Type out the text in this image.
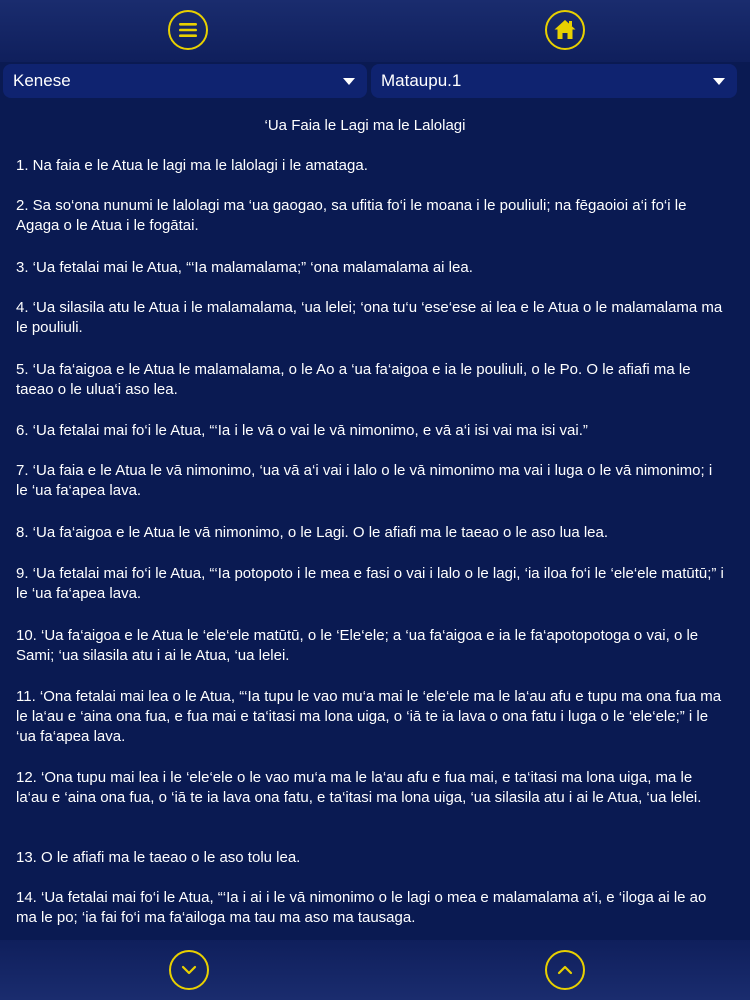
Kenese	Mataupu.1
‘Ua Faia le Lagi ma le Lalolagi

1. Na faia e le Atua le lagi ma le lalolagi i le amataga.

2. Sa so‘ona nunumi le lalolagi ma ‘ua gaogao, sa ufitia fo‘i le moana i le pouliuli; na fēgaoioi a‘i fo‘i le Agaga o le Atua i le fogātai.

3. ‘Ua fetalai mai le Atua, “‘Ia malamalama;” ‘ona malamalama ai lea.

4. ‘Ua silasila atu le Atua i le malamalama, ‘ua lelei; ‘ona tu‘u ‘ese‘ese ai lea e le Atua o le malamalama ma le pouliuli.

5. ‘Ua fa‘aigoa e le Atua le malamalama, o le Ao a ‘ua fa‘aigoa e ia le pouliuli, o le Po. O le afiafi ma le taeao o le ulua‘i aso lea.

6. ‘Ua fetalai mai fo‘i le Atua, “‘Ia i le vā o vai le vā nimonimo, e vā a‘i isi vai ma isi vai.”

7. ‘Ua faia e le Atua le vā nimonimo, ‘ua vā a‘i vai i lalo o le vā nimonimo ma vai i luga o le vā nimonimo; i le ‘ua fa‘apea lava.

8. ‘Ua fa‘aigoa e le Atua le vā nimonimo, o le Lagi. O le afiafi ma le taeao o le aso lua lea.

9. ‘Ua fetalai mai fo‘i le Atua, “‘Ia potopoto i le mea e fasi o vai i lalo o le lagi, ‘ia iloa fo‘i le ‘ele‘ele matūtū;” i le ‘ua fa‘apea lava.

10. ‘Ua fa‘aigoa e le Atua le ‘ele‘ele matūtū, o le ‘Ele‘ele; a ‘ua fa‘aigoa e ia le fa‘apotopotoga o vai, o le Sami; ‘ua silasila atu i ai le Atua, ‘ua lelei.

11. ‘Ona fetalai mai lea o le Atua, “‘Ia tupu le vao mu‘a mai le ‘ele‘ele ma le la‘au afu e tupu ma ona fua ma le la‘au e ‘aina ona fua, e fua mai e ta‘itasi ma lona uiga, o ‘iā te ia lava o ona fatu i luga o le ‘ele‘ele;” i le ‘ua fa‘apea lava.

12. ‘Ona tupu mai lea i le ‘ele‘ele o le vao mu‘a ma le la‘au afu e fua mai, e ta‘itasi ma lona uiga, ma le la‘au e ‘aina ona fua, o ‘iā te ia lava ona fatu, e ta‘itasi ma lona uiga, ‘ua silasila atu i ai le Atua, ‘ua lelei.

13. O le afiafi ma le taeao o le aso tolu lea.

14. ‘Ua fetalai mai fo‘i le Atua, “‘Ia i ai i le vā nimonimo o le lagi o mea e malamalama a‘i, e ‘iloga ai le ao ma le po; ‘ia fai fo‘i ma fa‘ailoga ma tau ma aso ma tausaga.
